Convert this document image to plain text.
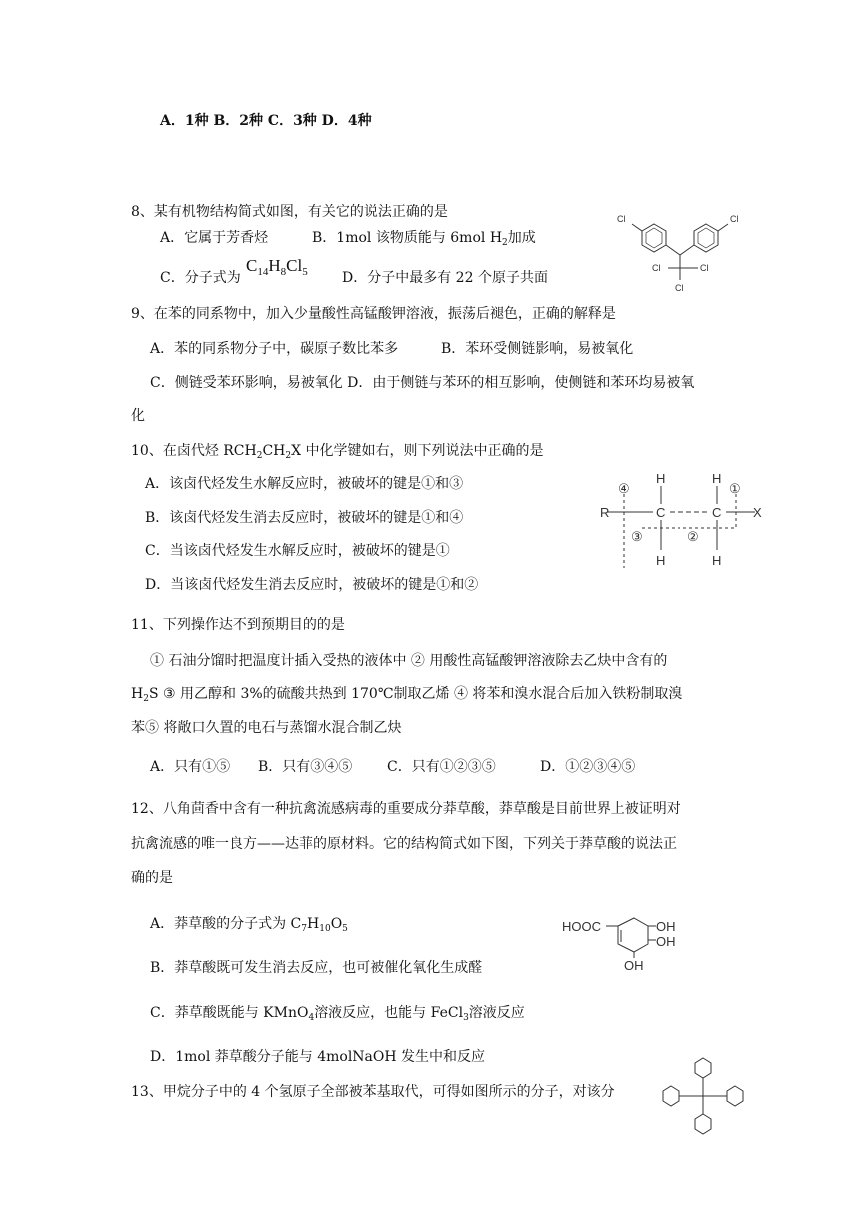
A．1种 B．2种 C．3种 D．4种
8、某有机物结构简式如图，有关它的说法正确的是
A．它属于芳香烃	B．1mol 该物质能与 6mol $H_2$加成
C．分子式为
$C_{14}H_8Cl_5$ D．分子中最多有 22 个原子共面
Cl	Cl
Cl	Cl
Cl
9、在苯的同系物中，加入少量酸性高锰酸钾溶液，振荡后褪色，正确的解释是
A．苯的同系物分子中，碳原子数比苯多	B．苯环受侧链影响，易被氧化
C．侧链受苯环影响，易被氧化 D．由于侧链与苯环的相互影响，使侧链和苯环均易被氧
化
10、在卤代烃 $RCH_2CH_2X$ 中化学键如右，则下列说法中正确的是
A．该卤代烃发生水解反应时，被破坏的键是①和③
B．该卤代烃发生消去反应时，被破坏的键是①和④
C．当该卤代烃发生水解反应时，被破坏的键是①
D．当该卤代烃发生消去反应时，被破坏的键是①和②
R	C	C X
H	H
H	H
④	①
③	②
11、下列操作达不到预期目的的是
① 石油分馏时把温度计插入受热的液体中 ② 用酸性高锰酸钾溶液除去乙炔中含有的
$H_2S$ ③ 用乙醇和 3%的硫酸共热到 170℃制取乙烯 ④ 将苯和溴水混合后加入铁粉制取溴
苯⑤ 将敞口久置的电石与蒸馏水混合制乙炔
A．只有①⑤ B．只有③④⑤ C．只有①②③⑤	D．①②③④⑤
12、八角茴香中含有一种抗禽流感病毒的重要成分莽草酸，莽草酸是目前世界上被证明对
抗禽流感的唯一良方——达菲的原材料。它的结构简式如下图，下列关于莽草酸的说法正
确的是
A．莽草酸的分子式为 $C_7H_{10}O_5$
B．莽草酸既可发生消去反应，也可被催化氧化生成醛
C．莽草酸既能与 KMnO$_4$溶液反应，也能与 FeCl$_3$溶液反应
D．1mol 莽草酸分子能与 4molNaOH 发生中和反应
HOOC	OH
OH
OH
13、甲烷分子中的 4 个氢原子全部被苯基取代，可得如图所示的分子，对该分
